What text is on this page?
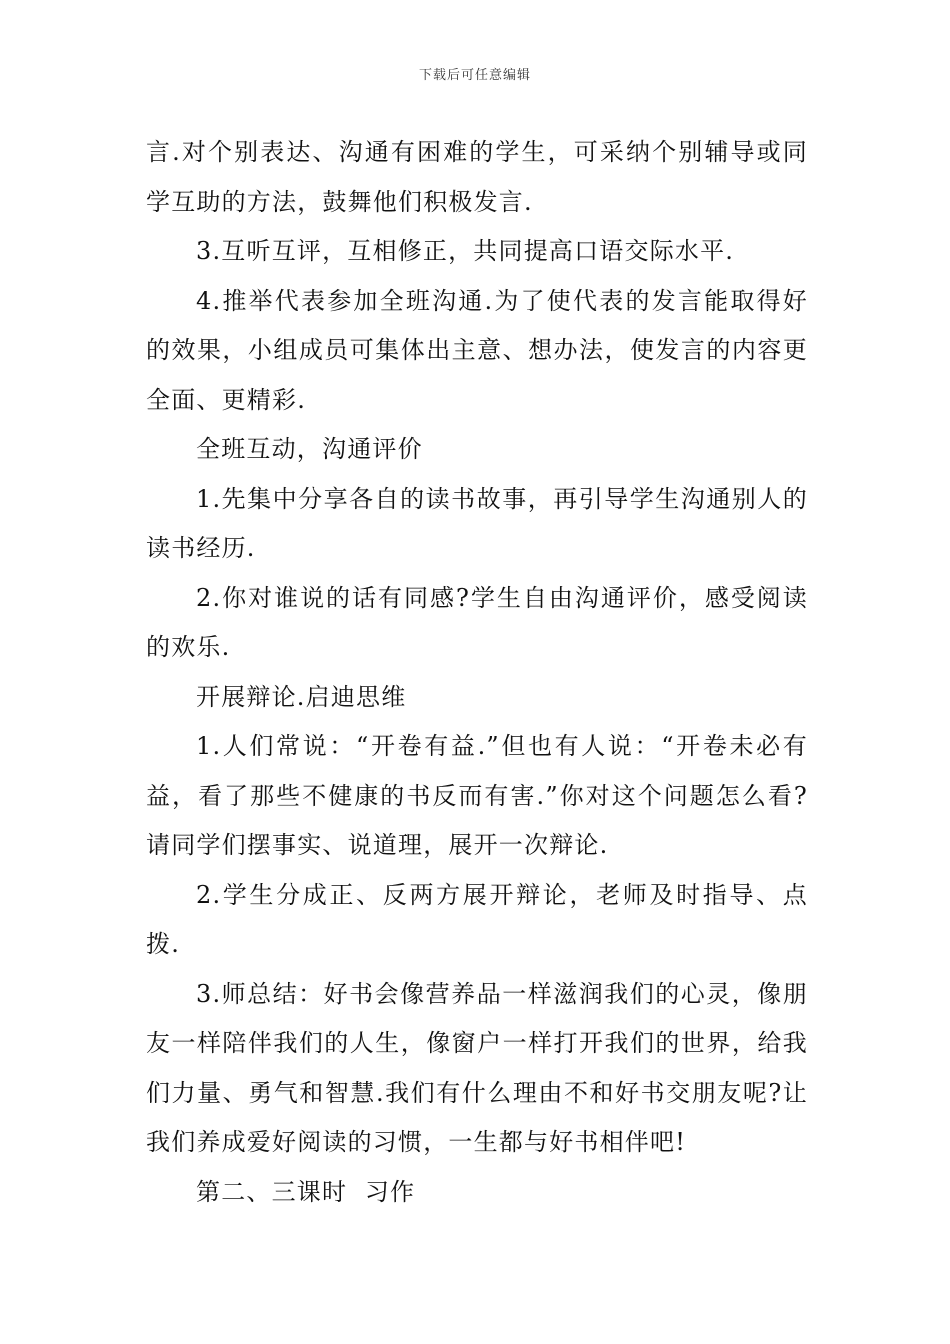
下载后可任意编辑

言.对个别表达、沟通有困难的学生，可采纳个别辅导或同学互助的方法，鼓舞他们积极发言.

3.互听互评，互相修正，共同提高口语交际水平.

4.推举代表参加全班沟通.为了使代表的发言能取得好的效果，小组成员可集体出主意、想办法，使发言的内容更全面、更精彩.

全班互动，沟通评价

1.先集中分享各自的读书故事，再引导学生沟通别人的读书经历.

2.你对谁说的话有同感?学生自由沟通评价，感受阅读的欢乐.

开展辩论.启迪思维

1.人们常说：“开卷有益.”但也有人说：“开卷未必有益，看了那些不健康的书反而有害.”你对这个问题怎么看?请同学们摆事实、说道理，展开一次辩论.

2.学生分成正、反两方展开辩论，老师及时指导、点拨.

3.师总结：好书会像营养品一样滋润我们的心灵，像朋友一样陪伴我们的人生，像窗户一样打开我们的世界，给我们力量、勇气和智慧.我们有什么理由不和好书交朋友呢?让我们养成爱好阅读的习惯，一生都与好书相伴吧!

第二、三课时  习作
